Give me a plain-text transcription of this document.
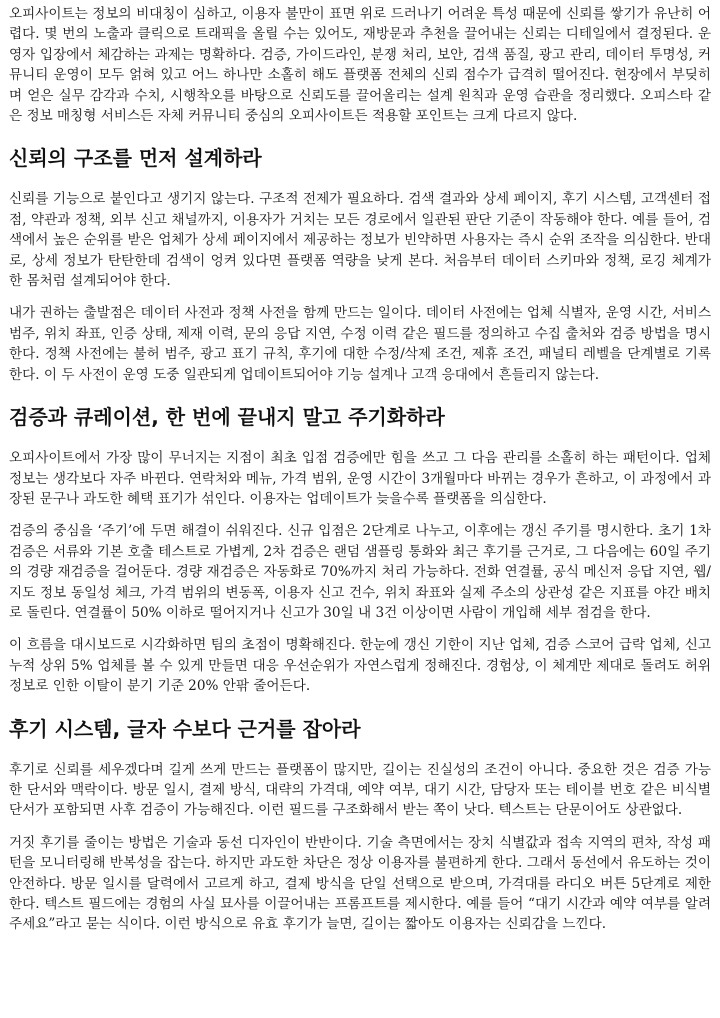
오피사이트는 정보의 비대칭이 심하고, 이용자 불만이 표면 위로 드러나기 어려운 특성 때문에 신뢰를 쌓기가 유난히 어렵다. 몇 번의 노출과 클릭으로 트래픽을 올릴 수는 있어도, 재방문과 추천을 끌어내는 신뢰는 디테일에서 결정된다. 운영자 입장에서 체감하는 과제는 명확하다. 검증, 가이드라인, 분쟁 처리, 보안, 검색 품질, 광고 관리, 데이터 투명성, 커뮤니티 운영이 모두 얽혀 있고 어느 하나만 소홀히 해도 플랫폼 전체의 신뢰 점수가 급격히 떨어진다. 현장에서 부딪히며 얻은 실무 감각과 수치, 시행착오를 바탕으로 신뢰도를 끌어올리는 설계 원칙과 운영 습관을 정리했다. 오피스타 같은 정보 매칭형 서비스든 자체 커뮤니티 중심의 오피사이트든 적용할 포인트는 크게 다르지 않다.

신뢰의 구조를 먼저 설계하라

신뢰를 기능으로 붙인다고 생기지 않는다. 구조적 전제가 필요하다. 검색 결과와 상세 페이지, 후기 시스템, 고객센터 접점, 약관과 정책, 외부 신고 채널까지, 이용자가 거치는 모든 경로에서 일관된 판단 기준이 작동해야 한다. 예를 들어, 검색에서 높은 순위를 받은 업체가 상세 페이지에서 제공하는 정보가 빈약하면 사용자는 즉시 순위 조작을 의심한다. 반대로, 상세 정보가 탄탄한데 검색이 엉켜 있다면 플랫폼 역량을 낮게 본다. 처음부터 데이터 스키마와 정책, 로깅 체계가 한 몸처럼 설계되어야 한다.

내가 권하는 출발점은 데이터 사전과 정책 사전을 함께 만드는 일이다. 데이터 사전에는 업체 식별자, 운영 시간, 서비스 범주, 위치 좌표, 인증 상태, 제재 이력, 문의 응답 지연, 수정 이력 같은 필드를 정의하고 수집 출처와 검증 방법을 명시한다. 정책 사전에는 불허 범주, 광고 표기 규칙, 후기에 대한 수정/삭제 조건, 제휴 조건, 패널티 레벨을 단계별로 기록한다. 이 두 사전이 운영 도중 일관되게 업데이트되어야 기능 설계나 고객 응대에서 흔들리지 않는다.

검증과 큐레이션, 한 번에 끝내지 말고 주기화하라

오피사이트에서 가장 많이 무너지는 지점이 최초 입점 검증에만 힘을 쓰고 그 다음 관리를 소홀히 하는 패턴이다. 업체 정보는 생각보다 자주 바뀐다. 연락처와 메뉴, 가격 범위, 운영 시간이 3개월마다 바뀌는 경우가 흔하고, 이 과정에서 과장된 문구나 과도한 혜택 표기가 섞인다. 이용자는 업데이트가 늦을수록 플랫폼을 의심한다.

검증의 중심을 ‘주기’에 두면 해결이 쉬워진다. 신규 입점은 2단계로 나누고, 이후에는 갱신 주기를 명시한다. 초기 1차 검증은 서류와 기본 호출 테스트로 가볍게, 2차 검증은 랜덤 샘플링 통화와 최근 후기를 근거로, 그 다음에는 60일 주기의 경량 재검증을 걸어둔다. 경량 재검증은 자동화로 70%까지 처리 가능하다. 전화 연결률, 공식 메신저 응답 지연, 웹/지도 정보 동일성 체크, 가격 범위의 변동폭, 이용자 신고 건수, 위치 좌표와 실제 주소의 상관성 같은 지표를 야간 배치로 돌린다. 연결률이 50% 이하로 떨어지거나 신고가 30일 내 3건 이상이면 사람이 개입해 세부 점검을 한다.

이 흐름을 대시보드로 시각화하면 팀의 초점이 명확해진다. 한눈에 갱신 기한이 지난 업체, 검증 스코어 급락 업체, 신고 누적 상위 5% 업체를 볼 수 있게 만들면 대응 우선순위가 자연스럽게 정해진다. 경험상, 이 체계만 제대로 돌려도 허위 정보로 인한 이탈이 분기 기준 20% 안팎 줄어든다.

후기 시스템, 글자 수보다 근거를 잡아라

후기로 신뢰를 세우겠다며 길게 쓰게 만드는 플랫폼이 많지만, 길이는 진실성의 조건이 아니다. 중요한 것은 검증 가능한 단서와 맥락이다. 방문 일시, 결제 방식, 대략의 가격대, 예약 여부, 대기 시간, 담당자 또는 테이블 번호 같은 비식별 단서가 포함되면 사후 검증이 가능해진다. 이런 필드를 구조화해서 받는 쪽이 낫다. 텍스트는 단문이어도 상관없다.

거짓 후기를 줄이는 방법은 기술과 동선 디자인이 반반이다. 기술 측면에서는 장치 식별값과 접속 지역의 편차, 작성 패턴을 모니터링해 반복성을 잡는다. 하지만 과도한 차단은 정상 이용자를 불편하게 한다. 그래서 동선에서 유도하는 것이 안전하다. 방문 일시를 달력에서 고르게 하고, 결제 방식을 단일 선택으로 받으며, 가격대를 라디오 버튼 5단계로 제한한다. 텍스트 필드에는 경험의 사실 묘사를 이끌어내는 프롬프트를 제시한다. 예를 들어 “대기 시간과 예약 여부를 알려주세요”라고 묻는 식이다. 이런 방식으로 유효 후기가 늘면, 길이는 짧아도 이용자는 신뢰감을 느낀다.
